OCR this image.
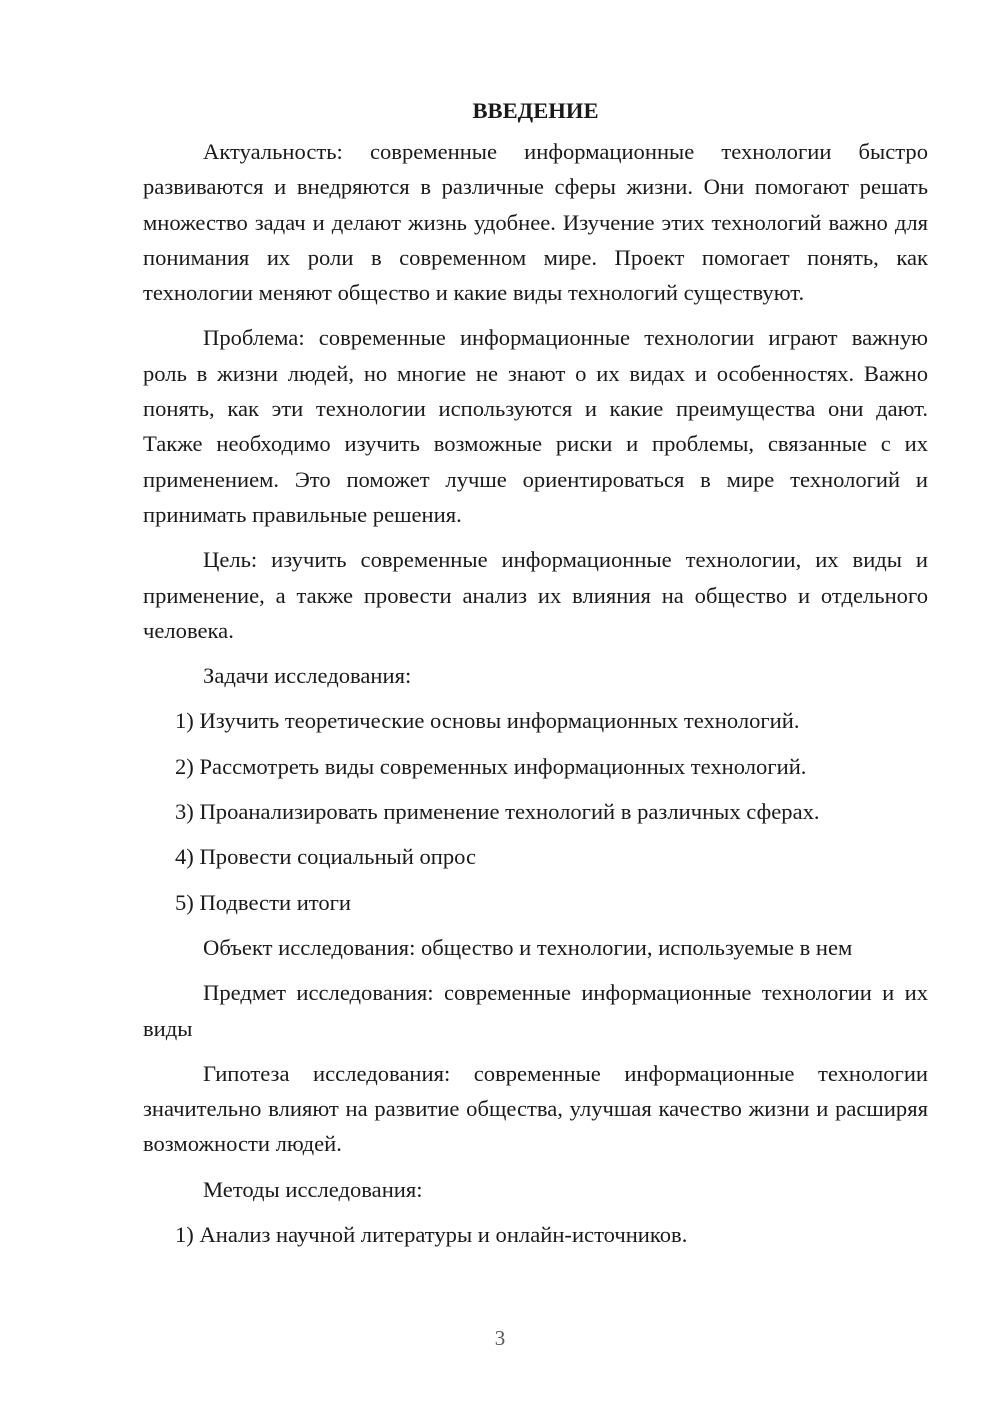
ВВЕДЕНИЕ

Актуальность: современные информационные технологии быстро развиваются и внедряются в различные сферы жизни. Они помогают решать множество задач и делают жизнь удобнее. Изучение этих технологий важно для понимания их роли в современном мире. Проект помогает понять, как технологии меняют общество и какие виды технологий существуют.

Проблема: современные информационные технологии играют важную роль в жизни людей, но многие не знают о их видах и особенностях. Важно понять, как эти технологии используются и какие преимущества они дают. Также необходимо изучить возможные риски и проблемы, связанные с их применением. Это поможет лучше ориентироваться в мире технологий и принимать правильные решения.

Цель: изучить современные информационные технологии, их виды и применение, а также провести анализ их влияния на общество и отдельного человека.

Задачи исследования:
1) Изучить теоретические основы информационных технологий.
2) Рассмотреть виды современных информационных технологий.
3) Проанализировать применение технологий в различных сферах.
4) Провести социальный опрос
5) Подвести итоги
Объект исследования: общество и технологии, используемые в нем

Предмет исследования: современные информационные технологии и их виды

Гипотеза исследования: современные информационные технологии значительно влияют на развитие общества, улучшая качество жизни и расширяя возможности людей.

Методы исследования:
1) Анализ научной литературы и онлайн-источников.
3
